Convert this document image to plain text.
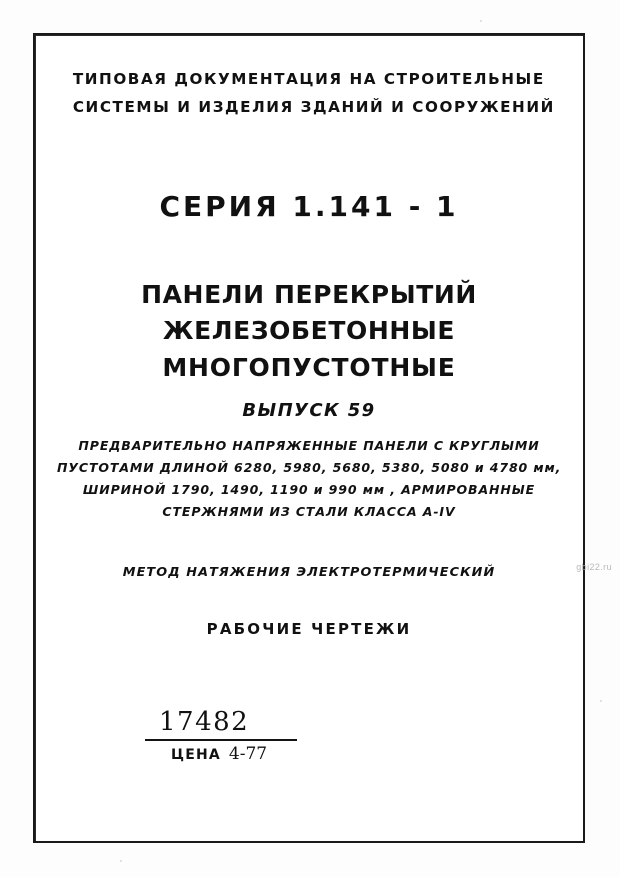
ТИПОВАЯ ДОКУМЕНТАЦИЯ НА СТРОИТЕЛЬНЫЕ
СИСТЕМЫ И ИЗДЕЛИЯ ЗДАНИЙ И СООРУЖЕНИЙ
СЕРИЯ 1.141 - 1
ПАНЕЛИ ПЕРЕКРЫТИЙ ЖЕЛЕЗОБЕТОННЫЕ
МНОГОПУСТОТНЫЕ
ВЫПУСК 59
ПРЕДВАРИТЕЛЬНО НАПРЯЖЕННЫЕ ПАНЕЛИ С КРУГЛЫМИ
ПУСТОТАМИ ДЛИНОЙ 6280, 5980, 5680, 5380, 5080 и 4780 мм,
ШИРИНОЙ 1790, 1490, 1190 и 990 мм , АРМИРОВАННЫЕ
СТЕРЖНЯМИ ИЗ СТАЛИ КЛАССА A-IV
МЕТОД НАТЯЖЕНИЯ ЭЛЕКТРОТЕРМИЧЕСКИЙ
РАБОЧИЕ ЧЕРТЕЖИ
17482
ЦЕНА 4-77
gbi22.ru
